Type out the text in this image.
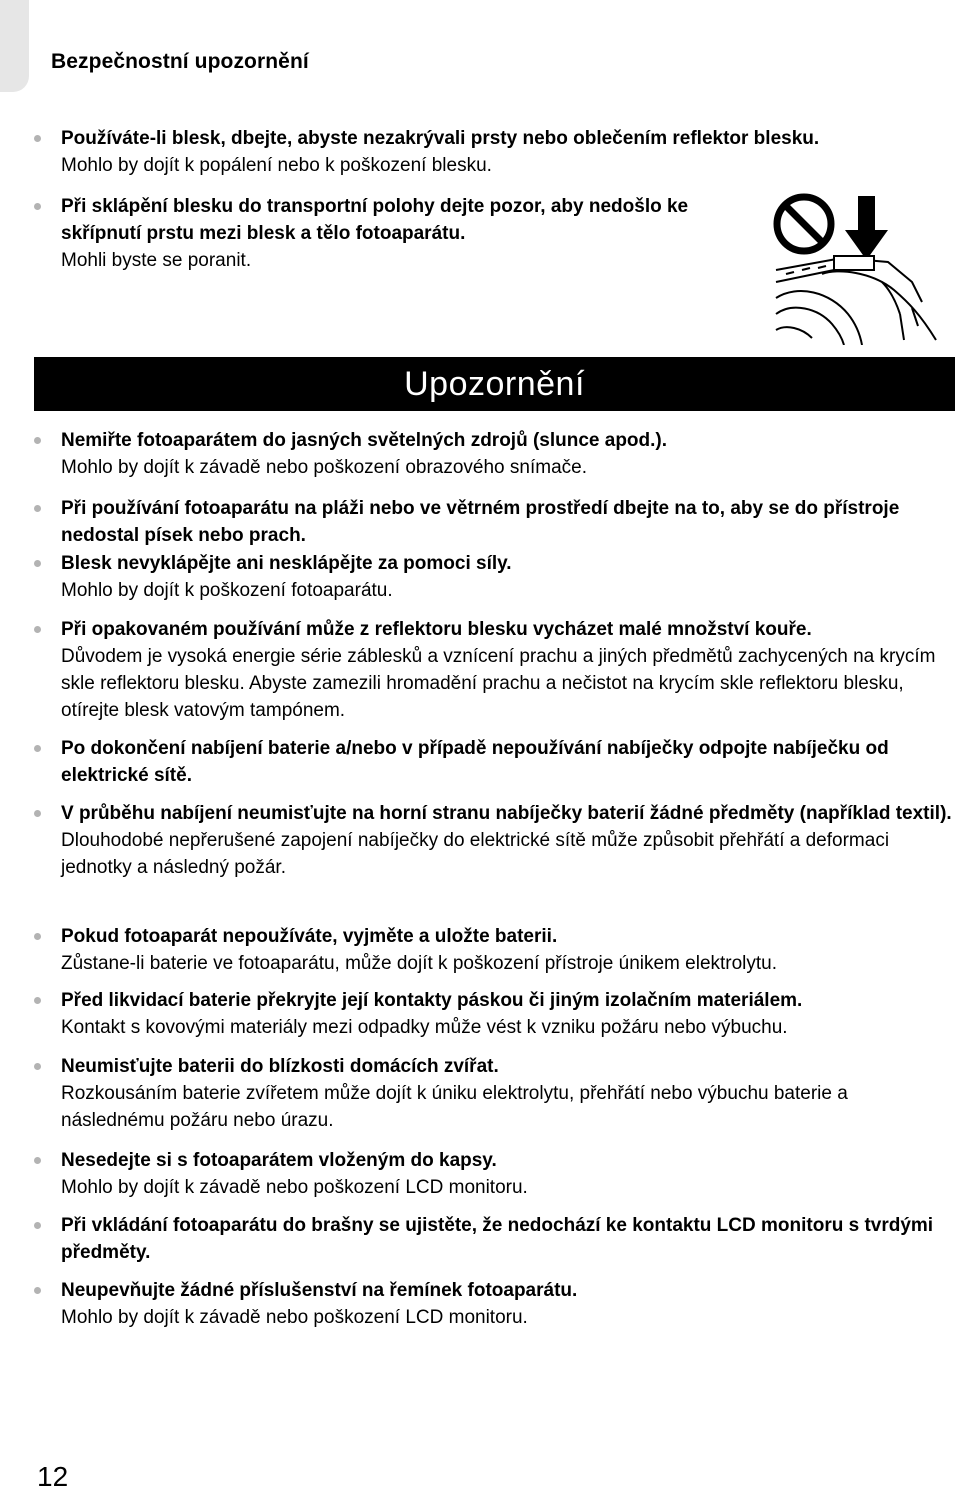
Bezpečnostní upozornění
Používáte-li blesk, dbejte, abyste nezakrývali prsty nebo oblečením reflektor blesku.
Mohlo by dojít k popálení nebo k poškození blesku.
Při sklápění blesku do transportní polohy dejte pozor, aby nedošlo ke skřípnutí prstu mezi blesk a tělo fotoaparátu.
Mohli byste se poranit.
Upozornění
Nemiřte fotoaparátem do jasných světelných zdrojů (slunce apod.).
Mohlo by dojít k závadě nebo poškození obrazového snímače.
Při používání fotoaparátu na pláži nebo ve větrném prostředí dbejte na to, aby se do přístroje nedostal písek nebo prach.
Blesk nevyklápějte ani nesklápějte za pomoci síly.
Mohlo by dojít k poškození fotoaparátu.
Při opakovaném používání může z reflektoru blesku vycházet malé množství kouře.
Důvodem je vysoká energie série záblesků a vznícení prachu a jiných předmětů zachycených na krycím skle reflektoru blesku. Abyste zamezili hromadění prachu a nečistot na krycím skle reflektoru blesku, otírejte blesk vatovým tampónem.
Po dokončení nabíjení baterie a/nebo v případě nepoužívání nabíječky odpojte nabíječku od elektrické sítě.
V průběhu nabíjení neumisťujte na horní stranu nabíječky baterií žádné předměty (například textil).
Dlouhodobé nepřerušené zapojení nabíječky do elektrické sítě může způsobit přehřátí a deformaci jednotky a následný požár.
Pokud fotoaparát nepoužíváte, vyjměte a uložte baterii.
Zůstane-li baterie ve fotoaparátu, může dojít k poškození přístroje únikem elektrolytu.
Před likvidací baterie překryjte její kontakty páskou či jiným izolačním materiálem.
Kontakt s kovovými materiály mezi odpadky může vést k vzniku požáru nebo výbuchu.
Neumisťujte baterii do blízkosti domácích zvířat.
Rozkousáním baterie zvířetem může dojít k úniku elektrolytu, přehřátí nebo výbuchu baterie a následnému požáru nebo úrazu.
Nesedejte si s fotoaparátem vloženým do kapsy.
Mohlo by dojít k závadě nebo poškození LCD monitoru.
Při vkládání fotoaparátu do brašny se ujistěte, že nedochází ke kontaktu LCD monitoru s tvrdými předměty.
Neupevňujte žádné příslušenství na řemínek fotoaparátu.
Mohlo by dojít k závadě nebo poškození LCD monitoru.
12
